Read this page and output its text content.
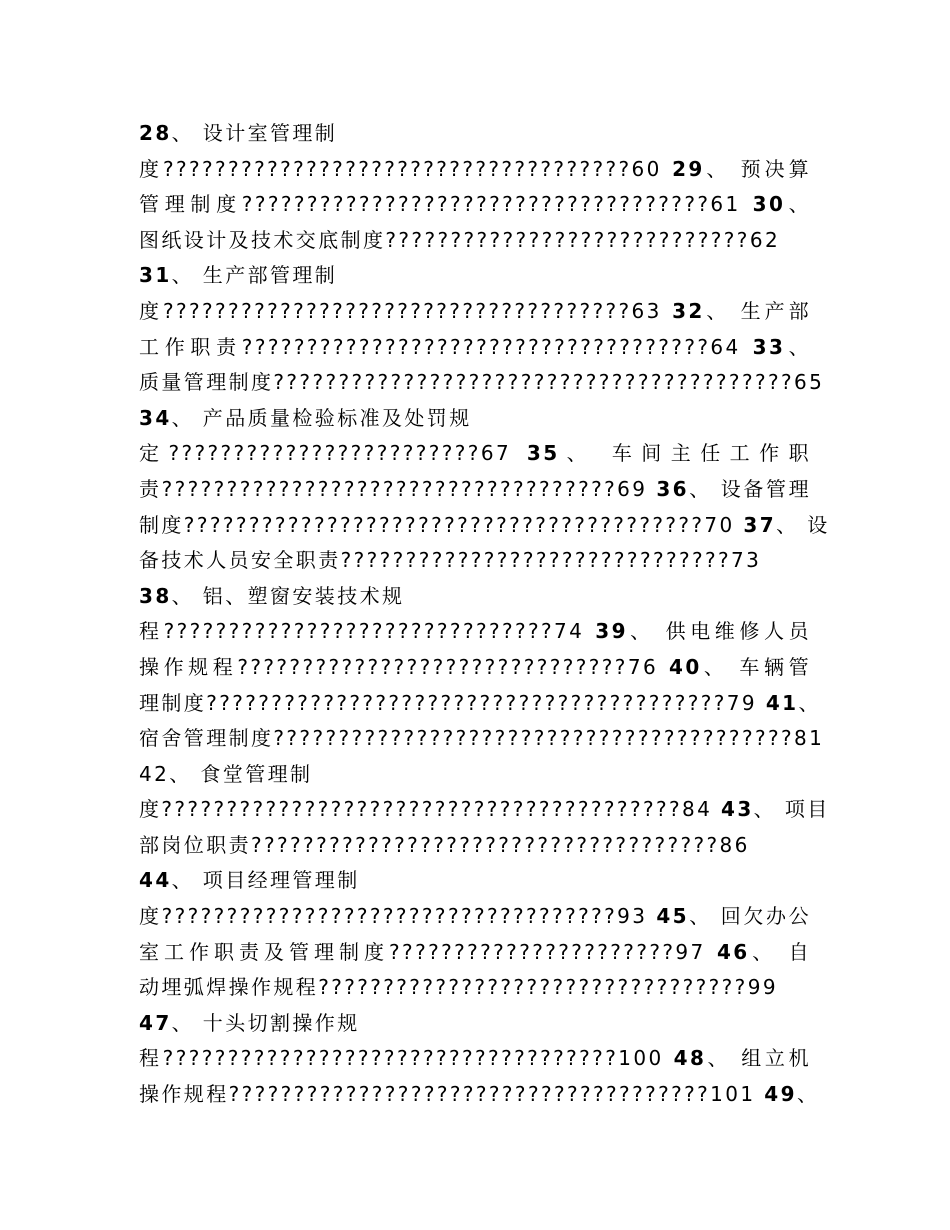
28、 设计室管理制
度????????????????????????????????????60 29、 预决算
管理制度????????????????????????????????????61 30、
图纸设计及技术交底制度????????????????????????????62
31、 生产部管理制
度????????????????????????????????????63 32、 生产部
工作职责????????????????????????????????????64 33、
质量管理制度????????????????????????????????????????65
34、 产品质量检验标准及处罚规
定????????????????????????67 35、 车间主任工作职
责???????????????????????????????????69 36、 设备管理
制度????????????????????????????????????????70 37、 设
备技术人员安全职责??????????????????????????????73
38、 铝、塑窗安装技术规
程??????????????????????????????74 39、 供电维修人员
操作规程??????????????????????????????76 40、 车辆管
理制度????????????????????????????????????????79 41、
宿舍管理制度????????????????????????????????????????81
42、 食堂管理制
度????????????????????????????????????????84 43、 项目
部岗位职责????????????????????????????????????86
44、 项目经理管理制
度???????????????????????????????????93 45、 回欠办公
室工作职责及管理制度??????????????????????97 46、 自
动埋弧焊操作规程?????????????????????????????????99
47、 十头切割操作规
程???????????????????????????????????100 48、 组立机
操作规程?????????????????????????????????????101 49、
